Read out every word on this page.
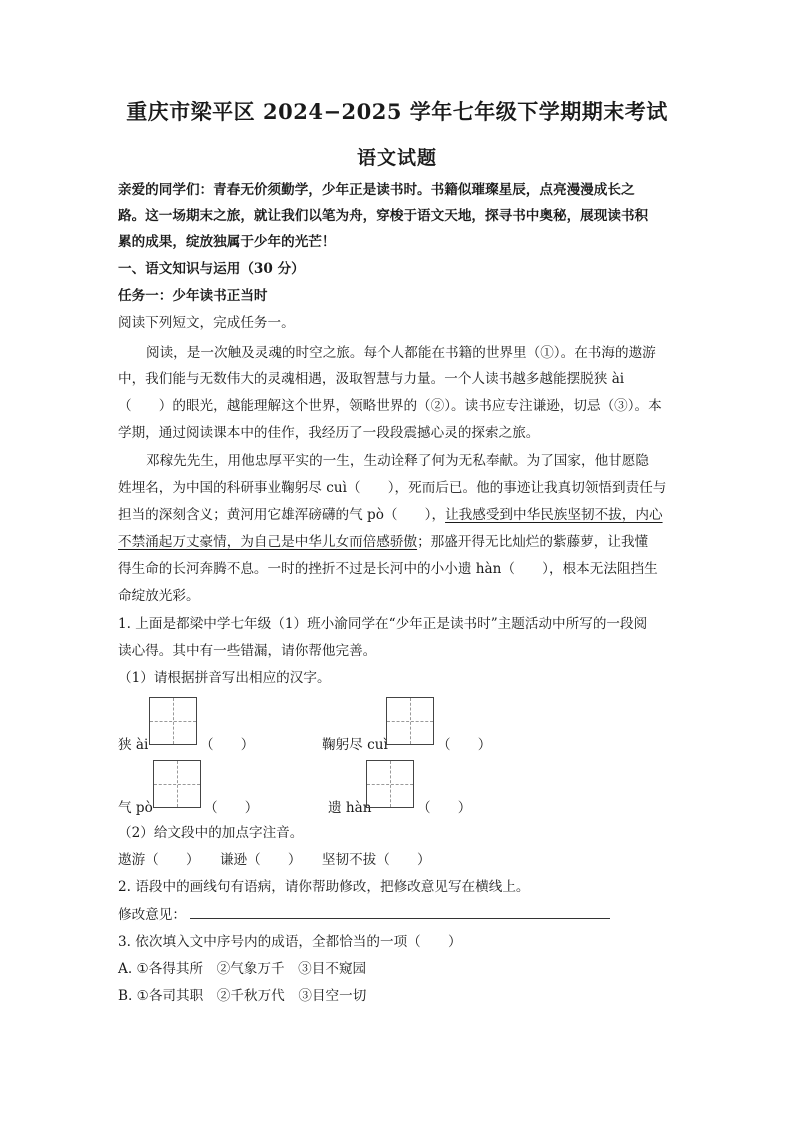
重庆市梁平区 2024−2025 学年七年级下学期期末考试
语文试题
亲爱的同学们：青春无价须勤学，少年正是读书时。书籍似璀璨星辰，点亮漫漫成长之
路。这一场期末之旅，就让我们以笔为舟，穿梭于语文天地，探寻书中奥秘，展现读书积
累的成果，绽放独属于少年的光芒！
一、语文知识与运用（30 分）
任务一：少年读书正当时
阅读下列短文，完成任务一。
阅读，是一次触及灵魂的时空之旅。每个人都能在书籍的世界里（①）。在书海的遨游
中，我们能与无数伟大的灵魂相遇，汲取智慧与力量。一个人读书越多越能摆脱狭 ài
（　　）的眼光，越能理解这个世界，领略世界的（②）。读书应专注谦逊，切忌（③）。本
学期，通过阅读课本中的佳作，我经历了一段段震撼心灵的探索之旅。
邓稼先先生，用他忠厚平实的一生，生动诠释了何为无私奉献。为了国家，他甘愿隐
姓埋名，为中国的科研事业鞠躬尽 cuì（　　），死而后已。他的事迹让我真切领悟到责任与
担当的深刻含义；黄河用它雄浑磅礴的气 pò（　　），让我感受到中华民族坚韧不拔，内心
不禁涌起万丈豪情，为自己是中华儿女而倍感骄傲；那盛开得无比灿烂的紫藤萝，让我懂
得生命的长河奔腾不息。一时的挫折不过是长河中的小小遗 hàn（　　），根本无法阻挡生
命绽放光彩。
1. 上面是都梁中学七年级（1）班小渝同学在“少年正是读书时”主题活动中所写的一段阅
读心得。其中有一些错漏，请你帮他完善。
（1）请根据拼音写出相应的汉字。
狭 ài	（　　）	鞠躬尽 cuì	（　　）
气 pò	（　　）	遗 hàn	（　　）
（2）给文段中的加点字注音。
遨游（　　）　　谦逊（　　）　　坚韧不拔（　　）
2. 语段中的画线句有语病，请你帮助修改，把修改意见写在横线上。
修改意见：
3. 依次填入文中序号内的成语，全都恰当的一项（　　）
A. ①各得其所　②气象万千　③目不窥园
B. ①各司其职　②千秋万代　③目空一切
